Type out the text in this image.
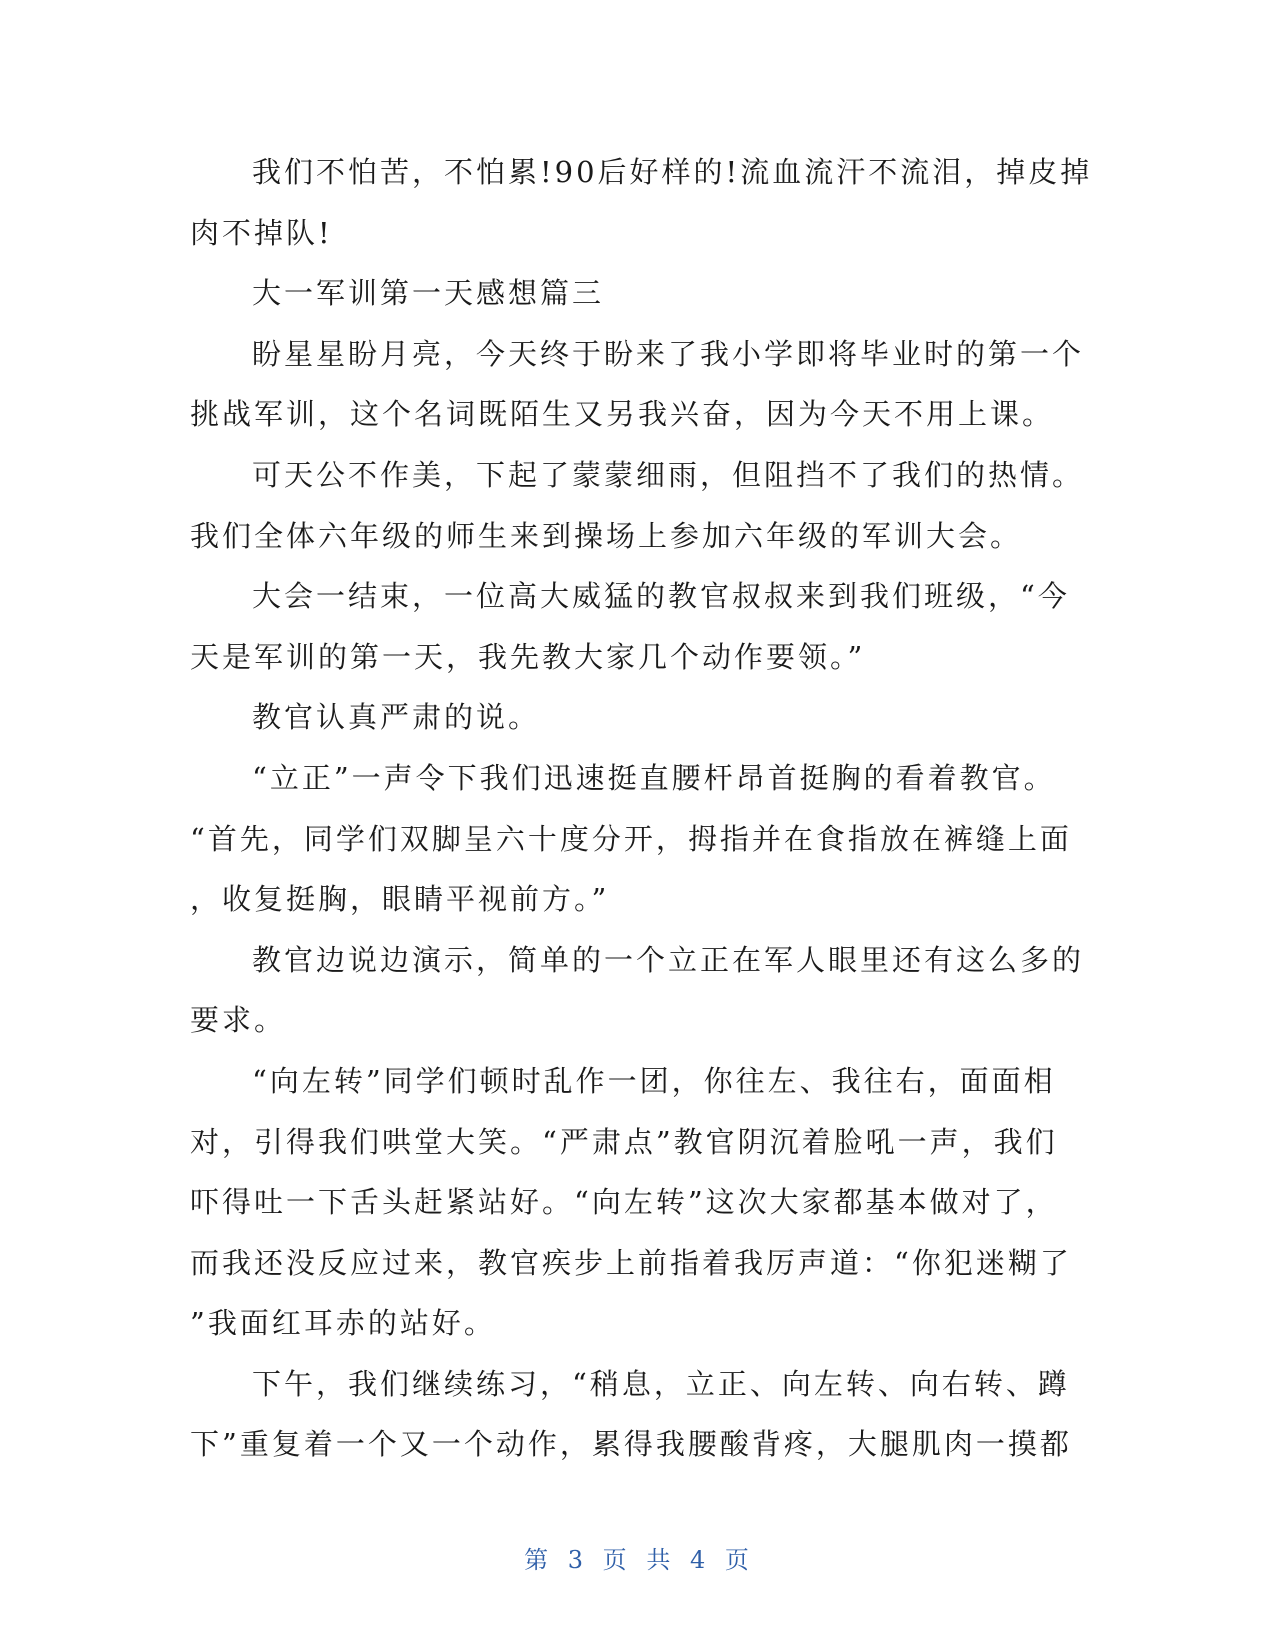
我们不怕苦，不怕累!90后好样的!流血流汗不流泪，掉皮掉
肉不掉队!
大一军训第一天感想篇三
盼星星盼月亮，今天终于盼来了我小学即将毕业时的第一个
挑战军训，这个名词既陌生又另我兴奋，因为今天不用上课。
可天公不作美，下起了蒙蒙细雨，但阻挡不了我们的热情。
我们全体六年级的师生来到操场上参加六年级的军训大会。
大会一结束，一位高大威猛的教官叔叔来到我们班级，“今
天是军训的第一天，我先教大家几个动作要领。”
教官认真严肃的说。
“立正”一声令下我们迅速挺直腰杆昂首挺胸的看着教官。
“首先，同学们双脚呈六十度分开，拇指并在食指放在裤缝上面
，收复挺胸，眼睛平视前方。”
教官边说边演示，简单的一个立正在军人眼里还有这么多的
要求。
“向左转”同学们顿时乱作一团，你往左、我往右，面面相
对，引得我们哄堂大笑。“严肃点”教官阴沉着脸吼一声，我们
吓得吐一下舌头赶紧站好。“向左转”这次大家都基本做对了，
而我还没反应过来，教官疾步上前指着我厉声道：“你犯迷糊了
”我面红耳赤的站好。
下午，我们继续练习，“稍息，立正、向左转、向右转、蹲
下”重复着一个又一个动作，累得我腰酸背疼，大腿肌肉一摸都
第 3 页 共 4 页
